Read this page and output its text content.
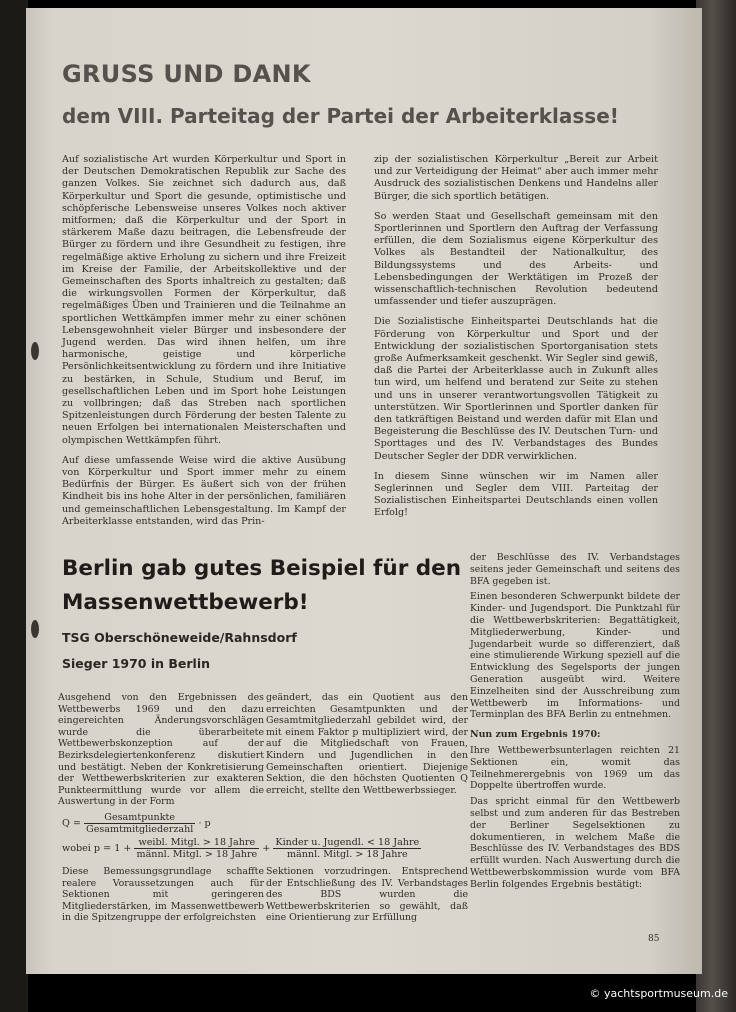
GRUSS UND DANK
dem VIII. Parteitag der Partei der Arbeiterklasse!

Auf sozialistische Art wurden Körperkultur und Sport in der Deutschen Demokratischen Republik zur Sache des ganzen Volkes. Sie zeichnet sich dadurch aus, daß Körperkultur und Sport die gesunde, optimistische und schöpferische Lebensweise unseres Volkes noch aktiver mitformen; daß die Körperkultur und der Sport in stärkerem Maße dazu beitragen, die Lebensfreude der Bürger zu fördern und ihre Gesundheit zu festigen, ihre regelmäßige aktive Erholung zu sichern und ihre Freizeit im Kreise der Familie, der Arbeitskollektive und der Gemeinschaften des Sports inhaltreich zu gestalten; daß die wirkungsvollen Formen der Körperkultur, daß regelmäßiges Üben und Trainieren und die Teilnahme an sportlichen Wettkämpfen immer mehr zu einer schönen Lebensgewohnheit vieler Bürger und insbesondere der Jugend werden. Das wird ihnen helfen, um ihre harmonische, geistige und körperliche Persönlichkeitsentwicklung zu fördern und ihre Initiative zu bestärken, in Schule, Studium und Beruf, im gesellschaftlichen Leben und im Sport hohe Leistungen zu vollbringen; daß das Streben nach sportlichen Spitzenleistungen durch Förderung der besten Talente zu neuen Erfolgen bei internationalen Meisterschaften und olympischen Wettkämpfen führt.

Auf diese umfassende Weise wird die aktive Ausübung von Körperkultur und Sport immer mehr zu einem Bedürfnis der Bürger. Es äußert sich von der frühen Kindheit bis ins hohe Alter in der persönlichen, familiären und gemeinschaftlichen Lebensgestaltung. Im Kampf der Arbeiterklasse entstanden, wird das Prin-

zip der sozialistischen Körperkultur „Bereit zur Arbeit und zur Verteidigung der Heimat“ aber auch immer mehr Ausdruck des sozialistischen Denkens und Handelns aller Bürger, die sich sportlich betätigen.

So werden Staat und Gesellschaft gemeinsam mit den Sportlerinnen und Sportlern den Auftrag der Verfassung erfüllen, die dem Sozialismus eigene Körperkultur des Volkes als Bestandteil der Nationalkultur, des Bildungssystems und des Arbeits- und Lebensbedingungen der Werktätigen im Prozeß der wissenschaftlich-technischen Revolution bedeutend umfassender und tiefer auszuprägen.

Die Sozialistische Einheitspartei Deutschlands hat die Förderung von Körperkultur und Sport und der Entwicklung der sozialistischen Sportorganisation stets große Aufmerksamkeit geschenkt. Wir Segler sind gewiß, daß die Partei der Arbeiterklasse auch in Zukunft alles tun wird, um helfend und beratend zur Seite zu stehen und uns in unserer verantwortungsvollen Tätigkeit zu unterstützen. Wir Sportlerinnen und Sportler danken für den tatkräftigen Beistand und werden dafür mit Elan und Begeisterung die Beschlüsse des IV. Deutschen Turn- und Sporttages und des IV. Verbandstages des Bundes Deutscher Segler der DDR verwirklichen.

In diesem Sinne wünschen wir im Namen aller Seglerinnen und Segler dem VIII. Parteitag der Sozialistischen Einheitspartei Deutschlands einen vollen Erfolg!

Berlin gab gutes Beispiel für den Massenwettbewerb!
TSG Oberschöneweide/Rahnsdorf
Sieger 1970 in Berlin

Ausgehend von den Ergebnissen des Wettbewerbs 1969 und den dazu eingereichten Änderungsvorschlägen wurde die überarbeitete Wettbewerbskonzeption auf der Bezirksdelegiertenkonferenz diskutiert und bestätigt. Neben der Konkretisierung der Wettbewerbskriterien zur exakteren Punkteermittlung wurde vor allem die Auswertung in der Form

geändert, das ein Quotient aus den erreichten Gesamtpunkten und der Gesamtmitgliederzahl gebildet wird, der mit einem Faktor p multipliziert wird, der auf die Mitgliedschaft von Frauen, Kindern und Jugendlichen in den Gemeinschaften orientiert. Diejenige Sektion, die den höchsten Quotienten Q erreicht, stellte den Wettbewerbssieger.

$Q = \frac{\text{Gesamtpunkte}}{\text{Gesamtmitgliederzahl}} \cdot p$
wobei $p = 1 + \frac{\text{weibl. Mitgl. > 18 Jahre}}{\text{männl. Mitgl. > 18 Jahre}} + \frac{\text{Kinder u. Jugendl. < 18 Jahre}}{\text{männl. Mitgl. > 18 Jahre}}$

Diese Bemessungsgrundlage schaffte realere Voraussetzungen auch für Sektionen mit geringeren Mitgliederstärken, im Massenwettbewerb in die Spitzengruppe der erfolgreichsten

Sektionen vorzudringen. Entsprechend der Entschließung des IV. Verbandstages des BDS wurden die Wettbewerbskriterien so gewählt, daß eine Orientierung zur Erfüllung

der Beschlüsse des IV. Verbandstages seitens jeder Gemeinschaft und seitens des BFA gegeben ist.

Einen besonderen Schwerpunkt bildete der Kinder- und Jugendsport. Die Punktzahl für die Wettbewerbskriterien: Begattätigkeit, Mitgliederwerbung, Kinder- und Jugendarbeit wurde so differenziert, daß eine stimulierende Wirkung speziell auf die Entwicklung des Segelsports der jungen Generation ausgeübt wird. Weitere Einzelheiten sind der Ausschreibung zum Wettbewerb im Informations- und Terminplan des BFA Berlin zu entnehmen.

Nun zum Ergebnis 1970:

Ihre Wettbewerbsunterlagen reichten 21 Sektionen ein, womit das Teilnehmerergebnis von 1969 um das Doppelte übertroffen wurde.

Das spricht einmal für den Wettbewerb selbst und zum anderen für das Bestreben der Berliner Segelsektionen zu dokumentieren, in welchem Maße die Beschlüsse des IV. Verbandstages des BDS erfüllt wurden. Nach Auswertung durch die Wettbewerbskommission wurde vom BFA Berlin folgendes Ergebnis bestätigt:

85
© yachtsportmuseum.de
